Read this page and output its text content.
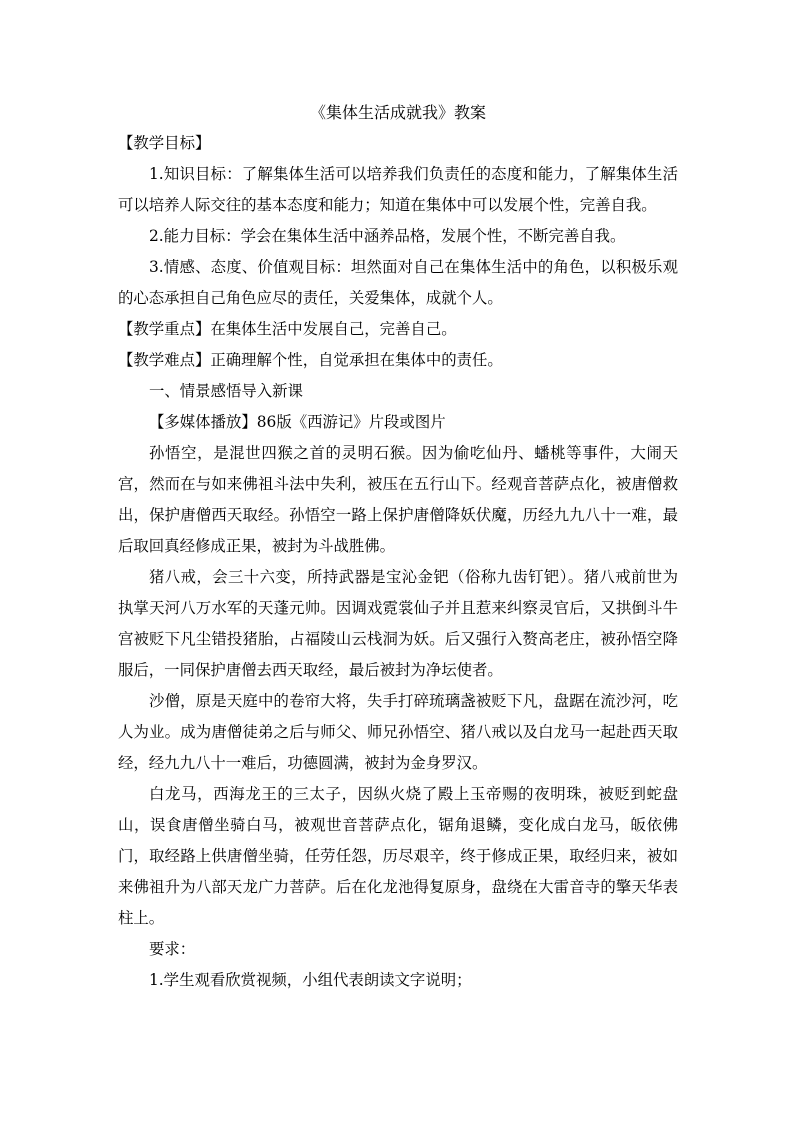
《集体生活成就我》教案

【教学目标】

1.知识目标：了解集体生活可以培养我们负责任的态度和能力，了解集体生活可以培养人际交往的基本态度和能力；知道在集体中可以发展个性，完善自我。

2.能力目标：学会在集体生活中涵养品格，发展个性，不断完善自我。

3.情感、态度、价值观目标：坦然面对自己在集体生活中的角色，以积极乐观的心态承担自己角色应尽的责任，关爱集体，成就个人。

【教学重点】在集体生活中发展自己，完善自己。

【教学难点】正确理解个性，自觉承担在集体中的责任。

一、情景感悟导入新课

【多媒体播放】86版《西游记》片段或图片

孙悟空，是混世四猴之首的灵明石猴。因为偷吃仙丹、蟠桃等事件，大闹天宫，然而在与如来佛祖斗法中失利，被压在五行山下。经观音菩萨点化，被唐僧救出，保护唐僧西天取经。孙悟空一路上保护唐僧降妖伏魔，历经九九八十一难，最后取回真经修成正果，被封为斗战胜佛。

猪八戒，会三十六变，所持武器是宝沁金钯（俗称九齿钉钯）。猪八戒前世为执掌天河八万水军的天蓬元帅。因调戏霓裳仙子并且惹来纠察灵官后，又拱倒斗牛宫被贬下凡尘错投猪胎，占福陵山云栈洞为妖。后又强行入赘高老庄，被孙悟空降服后，一同保护唐僧去西天取经，最后被封为净坛使者。

沙僧，原是天庭中的卷帘大将，失手打碎琉璃盏被贬下凡，盘踞在流沙河，吃人为业。成为唐僧徒弟之后与师父、师兄孙悟空、猪八戒以及白龙马一起赴西天取经，经九九八十一难后，功德圆满，被封为金身罗汉。

白龙马，西海龙王的三太子，因纵火烧了殿上玉帝赐的夜明珠，被贬到蛇盘山，误食唐僧坐骑白马，被观世音菩萨点化，锯角退鳞，变化成白龙马，皈依佛门，取经路上供唐僧坐骑，任劳任怨，历尽艰辛，终于修成正果，取经归来，被如来佛祖升为八部天龙广力菩萨。后在化龙池得复原身，盘绕在大雷音寺的擎天华表柱上。

要求：

1.学生观看欣赏视频，小组代表朗读文字说明；
